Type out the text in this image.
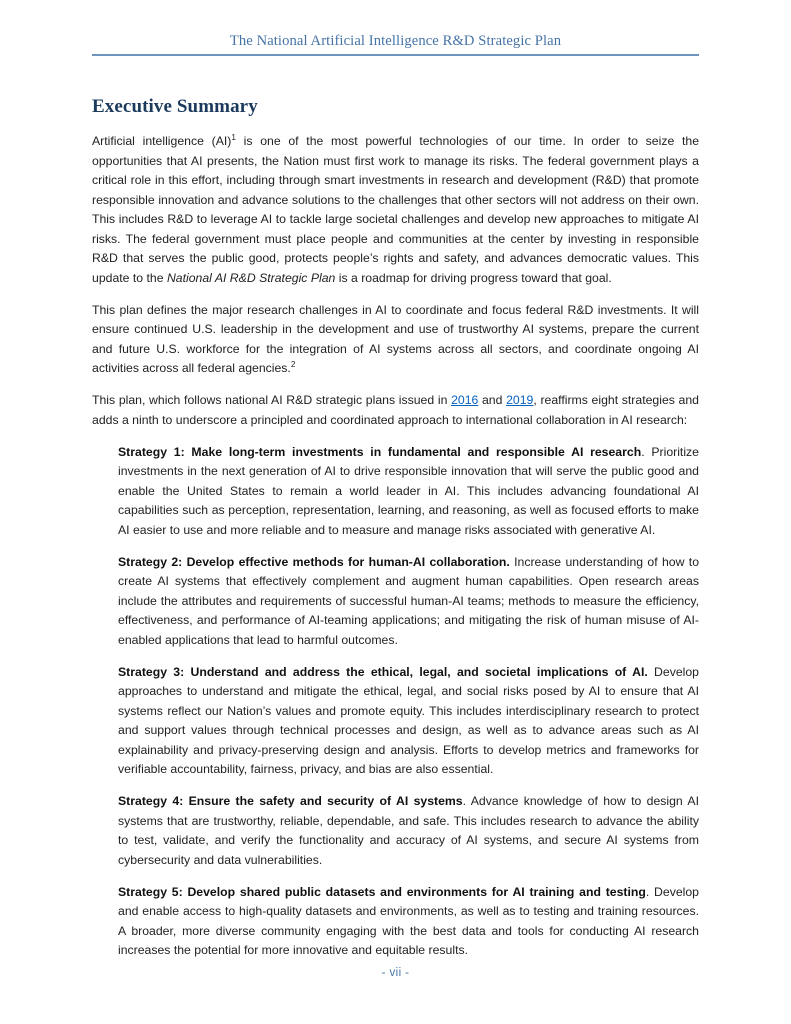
The National Artificial Intelligence R&D Strategic Plan
Executive Summary

Artificial intelligence (AI)$^1$ is one of the most powerful technologies of our time. In order to seize the opportunities that AI presents, the Nation must first work to manage its risks. The federal government plays a critical role in this effort, including through smart investments in research and development (R&D) that promote responsible innovation and advance solutions to the challenges that other sectors will not address on their own. This includes R&D to leverage AI to tackle large societal challenges and develop new approaches to mitigate AI risks. The federal government must place people and communities at the center by investing in responsible R&D that serves the public good, protects people’s rights and safety, and advances democratic values. This update to the National AI R&D Strategic Plan is a roadmap for driving progress toward that goal.

This plan defines the major research challenges in AI to coordinate and focus federal R&D investments. It will ensure continued U.S. leadership in the development and use of trustworthy AI systems, prepare the current and future U.S. workforce for the integration of AI systems across all sectors, and coordinate ongoing AI activities across all federal agencies.$^2$

This plan, which follows national AI R&D strategic plans issued in 2016 and 2019, reaffirms eight strategies and adds a ninth to underscore a principled and coordinated approach to international collaboration in AI research:

Strategy 1: Make long-term investments in fundamental and responsible AI research. Prioritize investments in the next generation of AI to drive responsible innovation that will serve the public good and enable the United States to remain a world leader in AI. This includes advancing foundational AI capabilities such as perception, representation, learning, and reasoning, as well as focused efforts to make AI easier to use and more reliable and to measure and manage risks associated with generative AI.
Strategy 2: Develop effective methods for human-AI collaboration. Increase understanding of how to create AI systems that effectively complement and augment human capabilities. Open research areas include the attributes and requirements of successful human-AI teams; methods to measure the efficiency, effectiveness, and performance of AI-teaming applications; and mitigating the risk of human misuse of AI-enabled applications that lead to harmful outcomes.
Strategy 3: Understand and address the ethical, legal, and societal implications of AI. Develop approaches to understand and mitigate the ethical, legal, and social risks posed by AI to ensure that AI systems reflect our Nation’s values and promote equity. This includes interdisciplinary research to protect and support values through technical processes and design, as well as to advance areas such as AI explainability and privacy-preserving design and analysis. Efforts to develop metrics and frameworks for verifiable accountability, fairness, privacy, and bias are also essential.
Strategy 4: Ensure the safety and security of AI systems. Advance knowledge of how to design AI systems that are trustworthy, reliable, dependable, and safe. This includes research to advance the ability to test, validate, and verify the functionality and accuracy of AI systems, and secure AI systems from cybersecurity and data vulnerabilities.
Strategy 5: Develop shared public datasets and environments for AI training and testing. Develop and enable access to high-quality datasets and environments, as well as to testing and training resources. A broader, more diverse community engaging with the best data and tools for conducting AI research increases the potential for more innovative and equitable results.
- vii -
